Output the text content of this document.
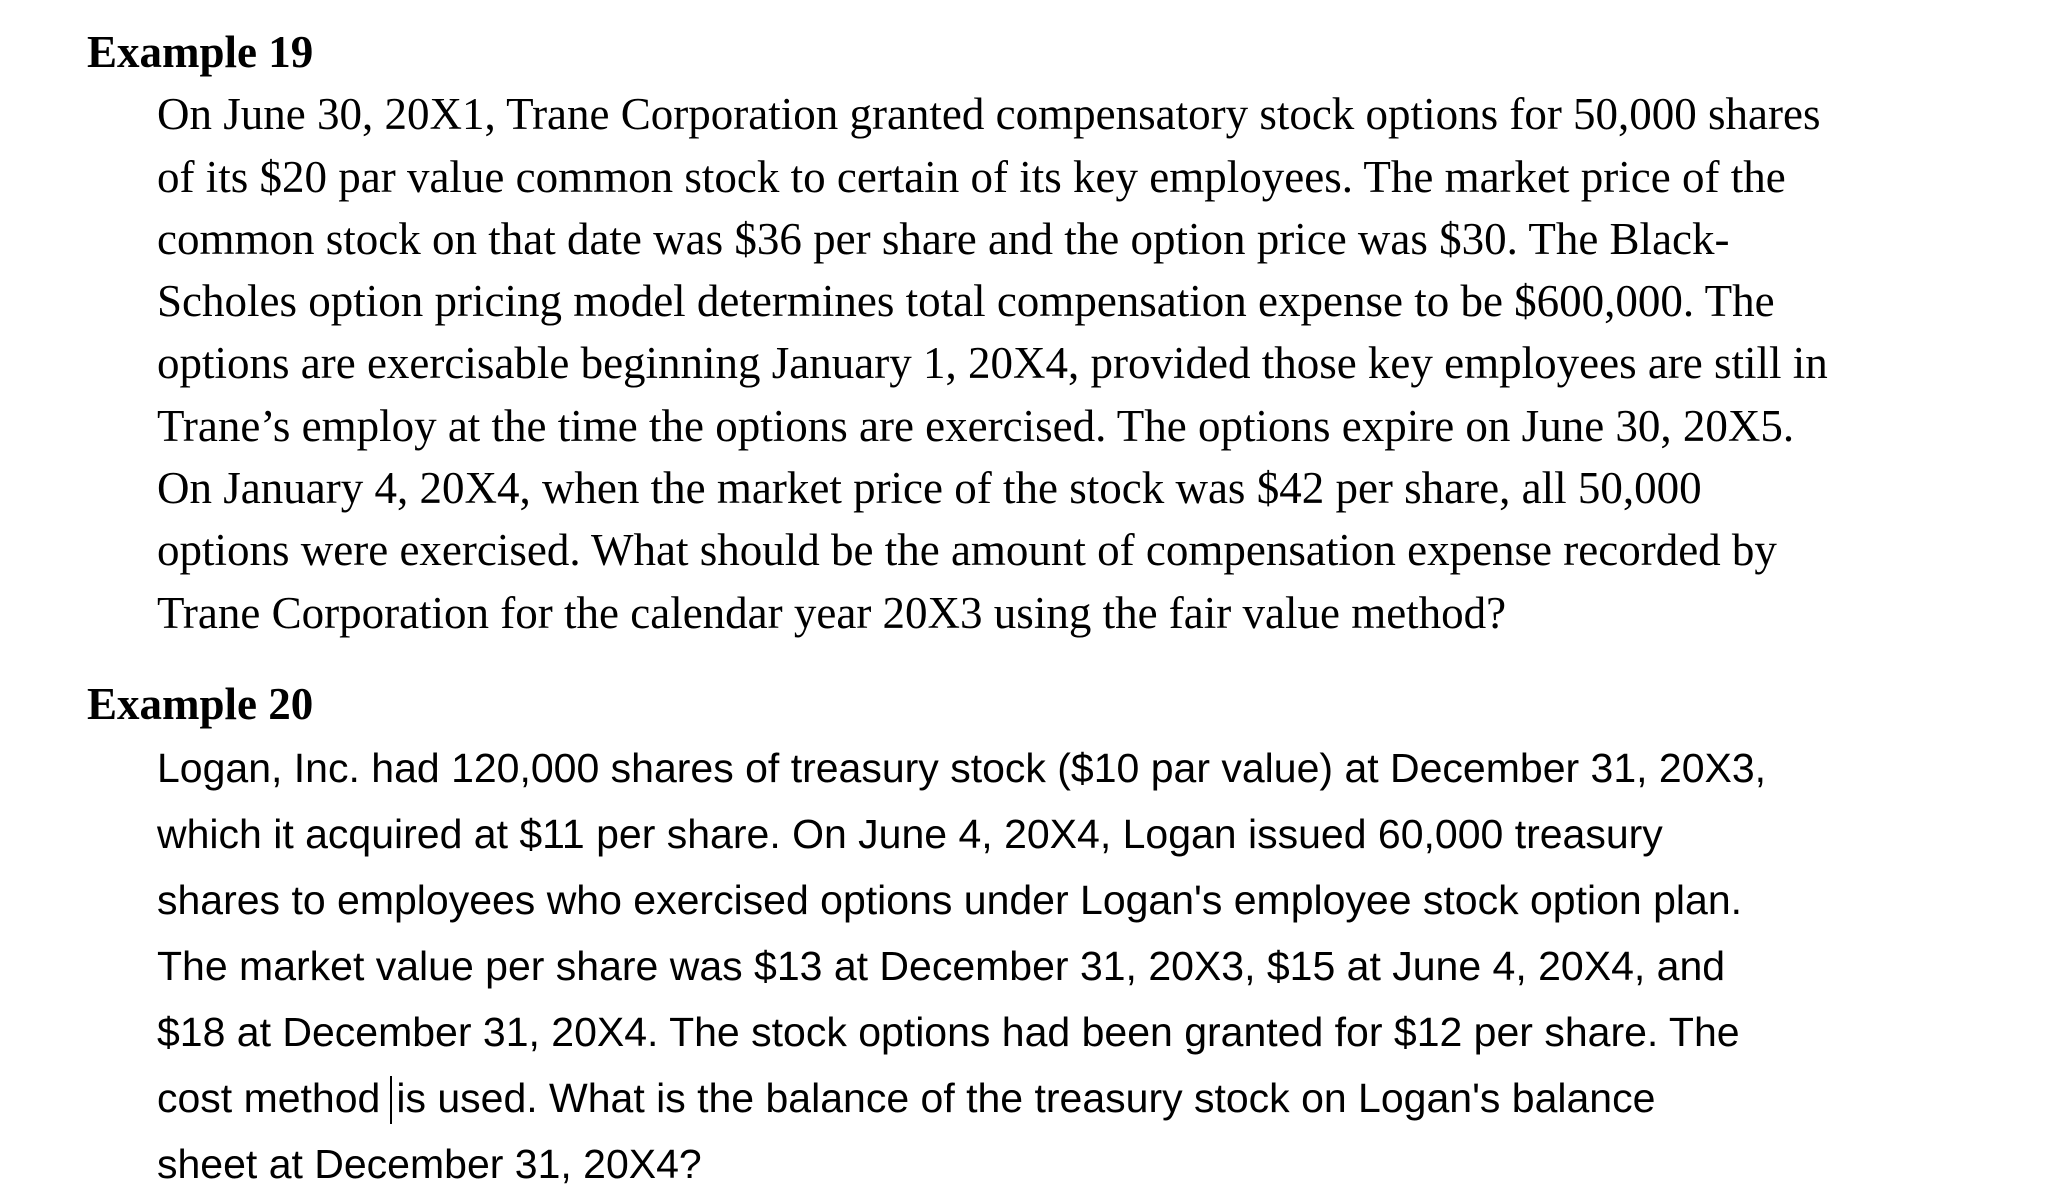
Example 19
On June 30, 20X1, Trane Corporation granted compensatory stock options for 50,000 shares
of its $20 par value common stock to certain of its key employees. The market price of the
common stock on that date was $36 per share and the option price was $30. The Black-
Scholes option pricing model determines total compensation expense to be $600,000. The
options are exercisable beginning January 1, 20X4, provided those key employees are still in
Trane’s employ at the time the options are exercised. The options expire on June 30, 20X5.
On January 4, 20X4, when the market price of the stock was $42 per share, all 50,000
options were exercised. What should be the amount of compensation expense recorded by
Trane Corporation for the calendar year 20X3 using the fair value method?
Example 20
Logan, Inc. had 120,000 shares of treasury stock ($10 par value) at December 31, 20X3,
which it acquired at $11 per share. On June 4, 20X4, Logan issued 60,000 treasury
shares to employees who exercised options under Logan's employee stock option plan.
The market value per share was $13 at December 31, 20X3, $15 at June 4, 20X4, and
$18 at December 31, 20X4. The stock options had been granted for $12 per share. The
cost method is used. What is the balance of the treasury stock on Logan's balance
sheet at December 31, 20X4?
